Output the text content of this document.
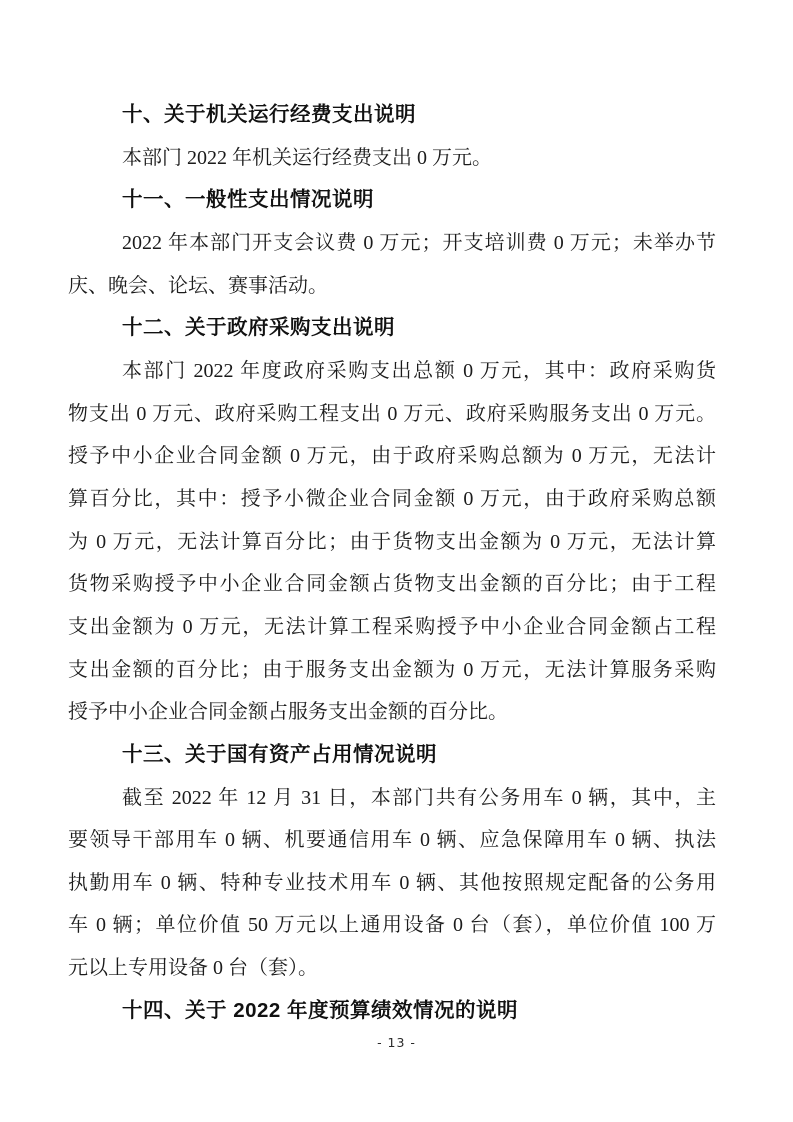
十、关于机关运行经费支出说明
本部门 2022 年机关运行经费支出 0 万元。
十一、一般性支出情况说明
2022 年本部门开支会议费 0 万元；开支培训费 0 万元；未举办节
庆、晚会、论坛、赛事活动。
十二、关于政府采购支出说明
本部门 2022 年度政府采购支出总额 0 万元，其中：政府采购货
物支出 0 万元、政府采购工程支出 0 万元、政府采购服务支出 0 万元。
授予中小企业合同金额 0 万元，由于政府采购总额为 0 万元，无法计
算百分比，其中：授予小微企业合同金额 0 万元，由于政府采购总额
为 0 万元，无法计算百分比；由于货物支出金额为 0 万元，无法计算
货物采购授予中小企业合同金额占货物支出金额的百分比；由于工程
支出金额为 0 万元，无法计算工程采购授予中小企业合同金额占工程
支出金额的百分比；由于服务支出金额为 0 万元，无法计算服务采购
授予中小企业合同金额占服务支出金额的百分比。
十三、关于国有资产占用情况说明
截至 2022 年 12 月 31 日，本部门共有公务用车 0 辆，其中，主
要领导干部用车 0 辆、机要通信用车 0 辆、应急保障用车 0 辆、执法
执勤用车 0 辆、特种专业技术用车 0 辆、其他按照规定配备的公务用
车 0 辆；单位价值 50 万元以上通用设备 0 台（套），单位价值 100 万
元以上专用设备 0 台（套）。
十四、关于 2022 年度预算绩效情况的说明
- 13 -
